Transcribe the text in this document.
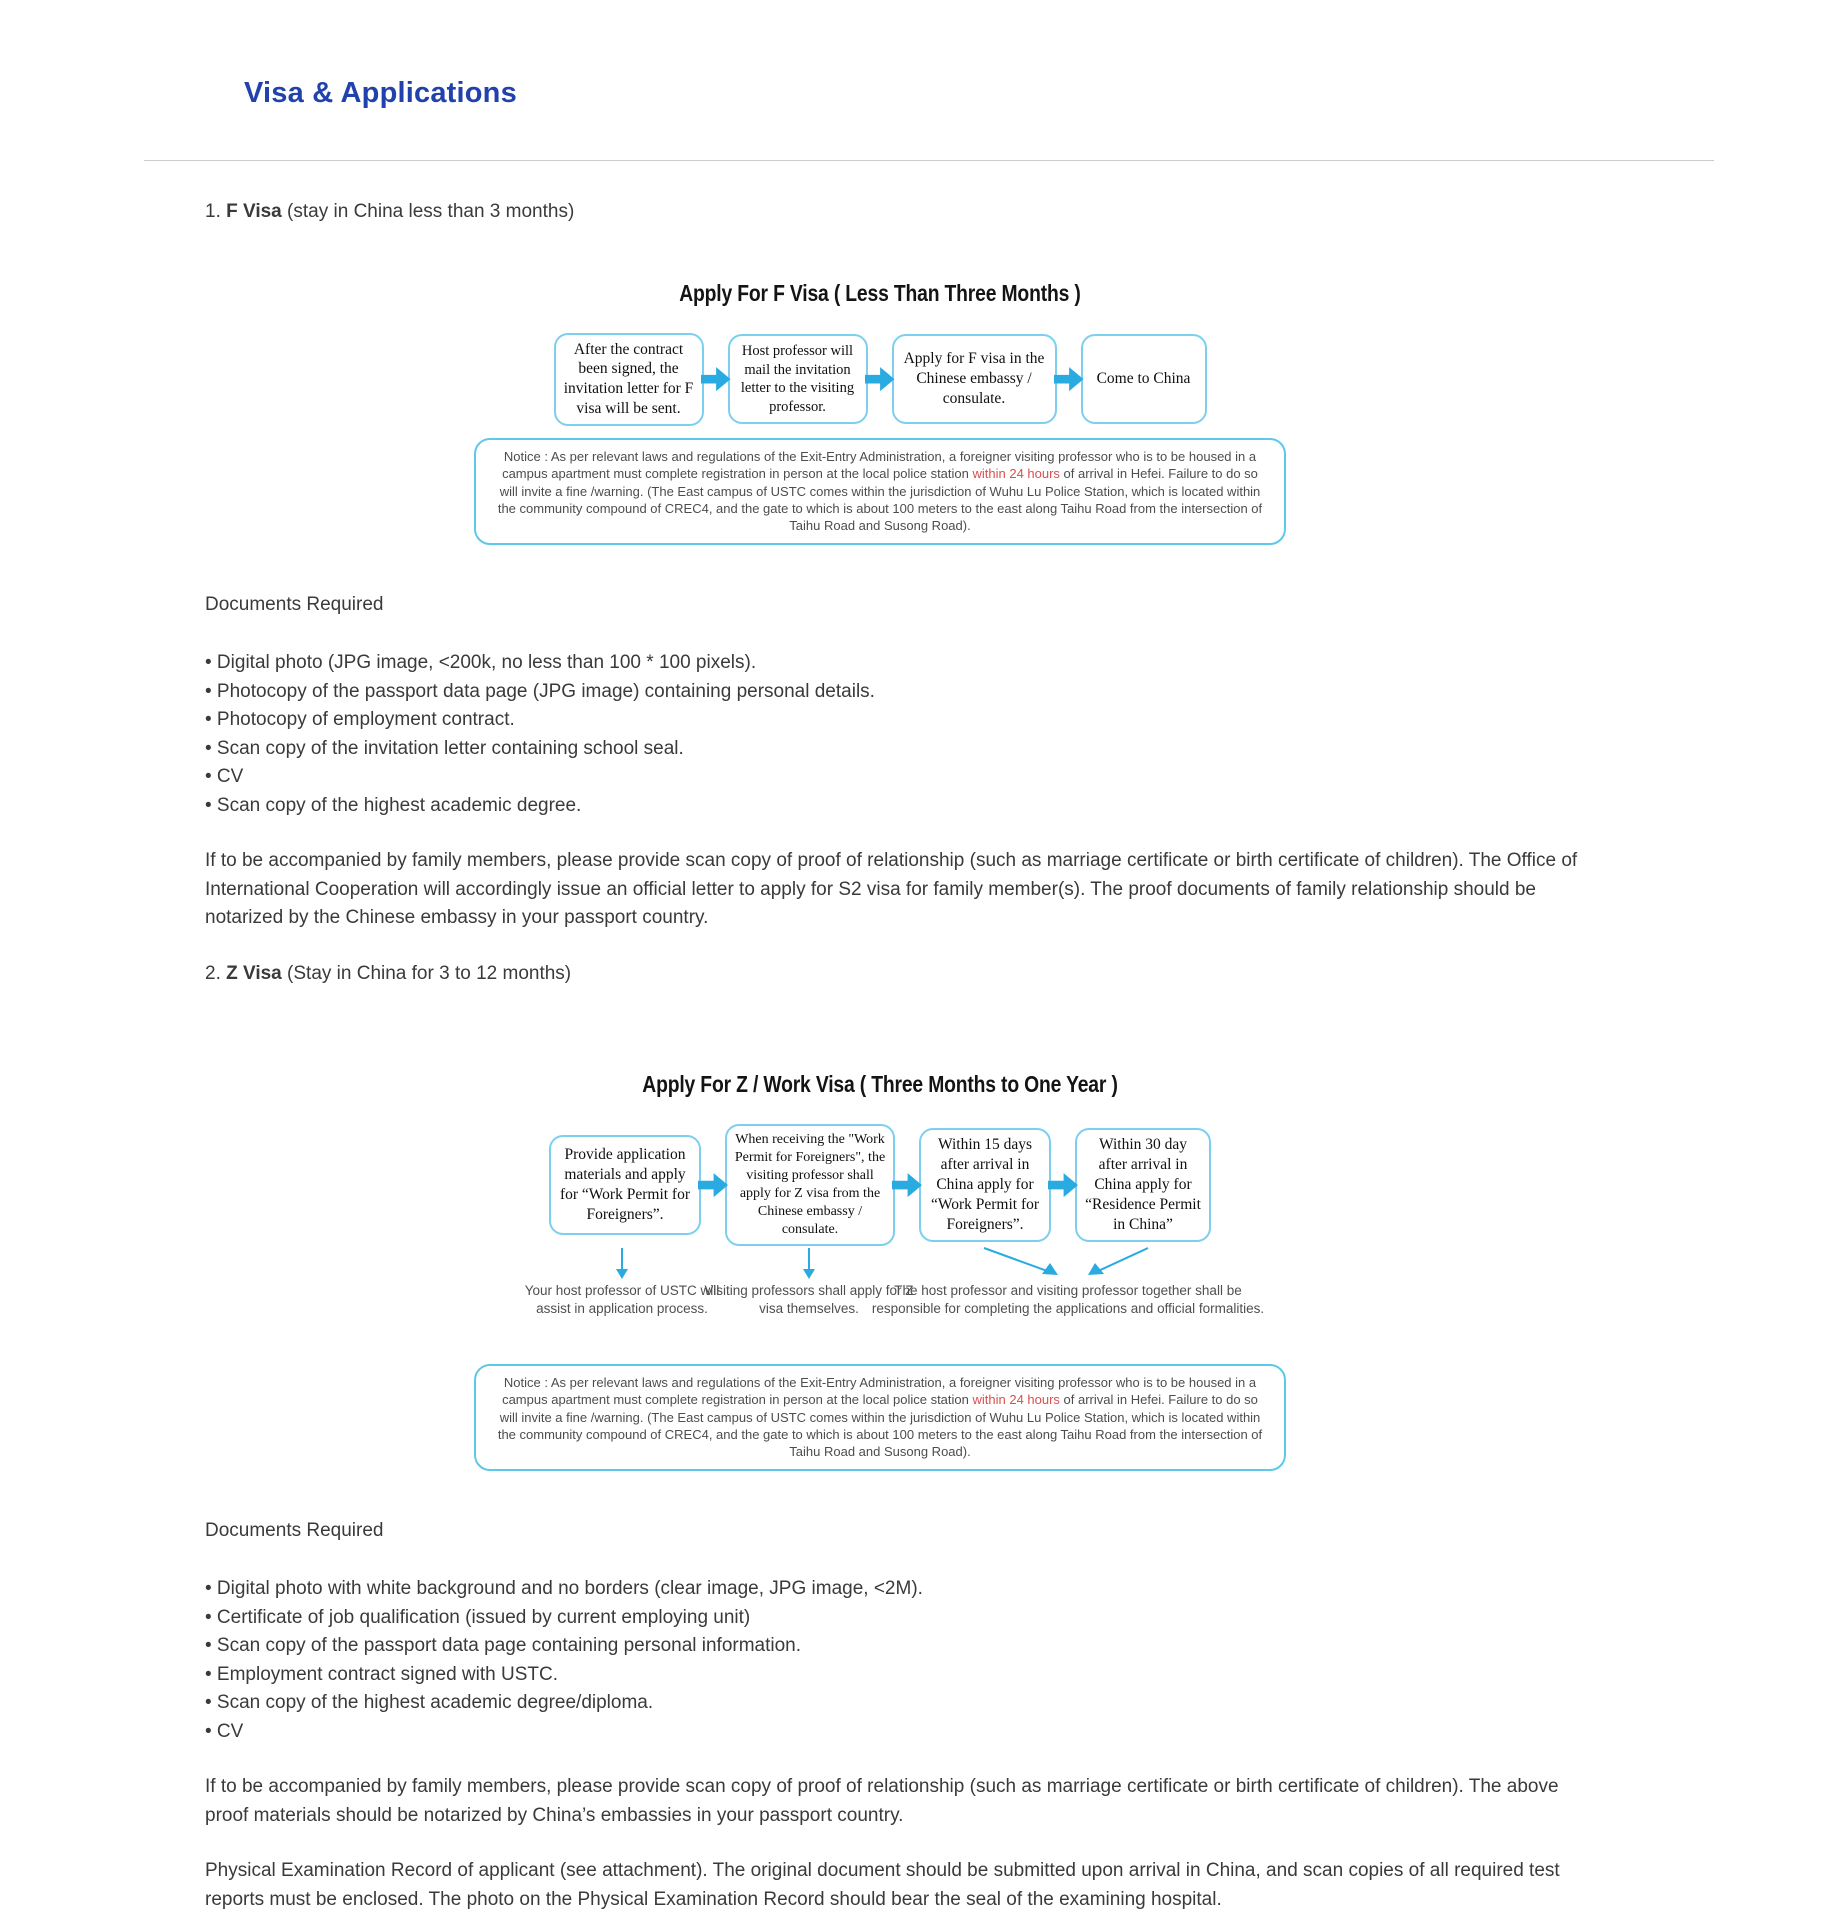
Visa & Applications
1. F Visa (stay in China less than 3 months)
Apply For F Visa ( Less Than Three Months )
After the contract been signed, the invitation letter for F visa will be sent.
Host professor will mail the invitation letter to the visiting professor.
Apply for F visa in the Chinese embassy / consulate.
Come to China
Notice : As per relevant laws and regulations of the Exit-Entry Administration, a foreigner visiting professor who is to be housed in a campus apartment must complete registration in person at the local police station within 24 hours of arrival in Hefei. Failure to do so will invite a fine /warning. (The East campus of USTC comes within the jurisdiction of Wuhu Lu Police Station, which is located within the community compound of CREC4, and the gate to which is about 100 meters to the east along Taihu Road from the intersection of Taihu Road and Susong Road).
Documents Required
• Digital photo (JPG image, <200k, no less than 100 * 100 pixels).
• Photocopy of the passport data page (JPG image) containing personal details.
• Photocopy of employment contract.
• Scan copy of the invitation letter containing school seal.
• CV
• Scan copy of the highest academic degree.
If to be accompanied by family members, please provide scan copy of proof of relationship (such as marriage certificate or birth certificate of children). The Office of International Cooperation will accordingly issue an official letter to apply for S2 visa for family member(s). The proof documents of family relationship should be notarized by the Chinese embassy in your passport country.
2. Z Visa (Stay in China for 3 to 12 months)
Apply For Z / Work Visa ( Three Months to One Year )
Provide application materials and apply for “Work Permit for Foreigners”.
When receiving the "Work Permit for Foreigners", the visiting professor shall apply for Z visa from the Chinese embassy / consulate.
Within 15 days after arrival in China apply for “Work Permit for Foreigners”.
Within 30 day after arrival in China apply for “Residence Permit in China”
Your host professor of USTC will assist in application process.
Visiting professors shall apply for Z visa themselves.
The host professor and visiting professor together shall be responsible for completing the applications and official formalities.
Notice : As per relevant laws and regulations of the Exit-Entry Administration, a foreigner visiting professor who is to be housed in a campus apartment must complete registration in person at the local police station within 24 hours of arrival in Hefei. Failure to do so will invite a fine /warning. (The East campus of USTC comes within the jurisdiction of Wuhu Lu Police Station, which is located within the community compound of CREC4, and the gate to which is about 100 meters to the east along Taihu Road from the intersection of Taihu Road and Susong Road).
Documents Required
• Digital photo with white background and no borders (clear image, JPG image, <2M).
• Certificate of job qualification (issued by current employing unit)
• Scan copy of the passport data page containing personal information.
• Employment contract signed with USTC.
• Scan copy of the highest academic degree/diploma.
• CV
If to be accompanied by family members, please provide scan copy of proof of relationship (such as marriage certificate or birth certificate of children). The above proof materials should be notarized by China’s embassies in your passport country.
Physical Examination Record of applicant (see attachment). The original document should be submitted upon arrival in China, and scan copies of all required test reports must be enclosed. The photo on the Physical Examination Record should bear the seal of the examining hospital.
